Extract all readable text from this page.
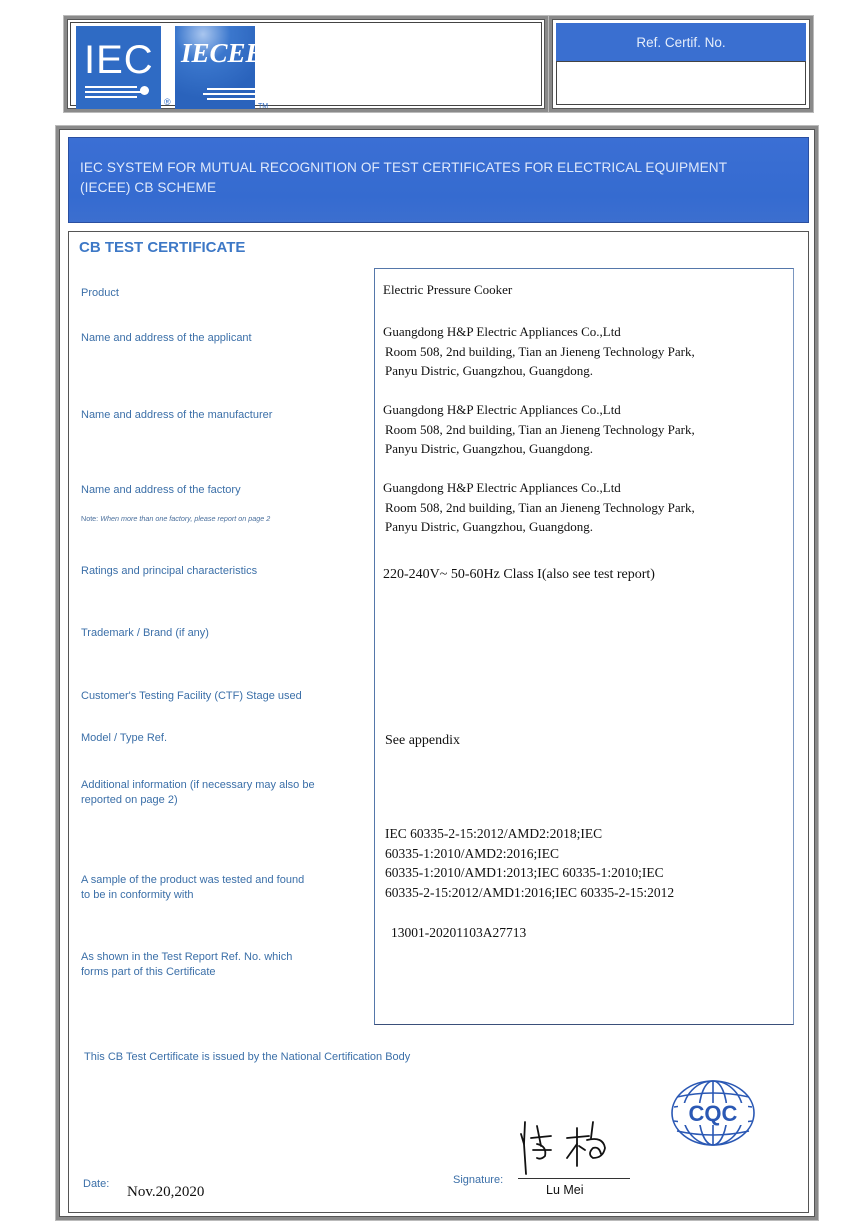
IEC
®
IECEE
TM
Ref. Certif. No.
IEC SYSTEM FOR MUTUAL RECOGNITION OF TEST CERTIFICATES FOR ELECTRICAL EQUIPMENT
(IECEE) CB SCHEME
CB TEST CERTIFICATE
Product
Name and address of the applicant
Name and address of the manufacturer
Name and address of the factory
Note: When more than one factory, please report on page 2
Ratings and principal characteristics
Trademark / Brand (if any)
Customer's Testing Facility (CTF) Stage used
Model / Type Ref.
Additional information (if necessary may also be
reported on page 2)
A sample of the product was tested and found
to be in conformity with
As shown in the Test Report Ref. No. which
forms part of this Certificate
Electric Pressure Cooker
Guangdong H&P Electric Appliances Co.,Ltd
Room 508, 2nd building, Tian an Jieneng Technology Park,
Panyu Distric, Guangzhou, Guangdong.
Guangdong H&P Electric Appliances Co.,Ltd
Room 508, 2nd building, Tian an Jieneng Technology Park,
Panyu Distric, Guangzhou, Guangdong.
Guangdong H&P Electric Appliances Co.,Ltd
Room 508, 2nd building, Tian an Jieneng Technology Park,
Panyu Distric, Guangzhou, Guangdong.
220-240V~ 50-60Hz Class I(also see test report)
See appendix
IEC 60335-2-15:2012/AMD2:2018;IEC
60335-1:2010/AMD2:2016;IEC
60335-1:2010/AMD1:2013;IEC 60335-1:2010;IEC
60335-2-15:2012/AMD1:2016;IEC 60335-2-15:2012
13001-20201103A27713
This CB Test Certificate is issued by the National Certification Body
CQC
Date: Nov.20,2020
Signature:
Lu Mei
